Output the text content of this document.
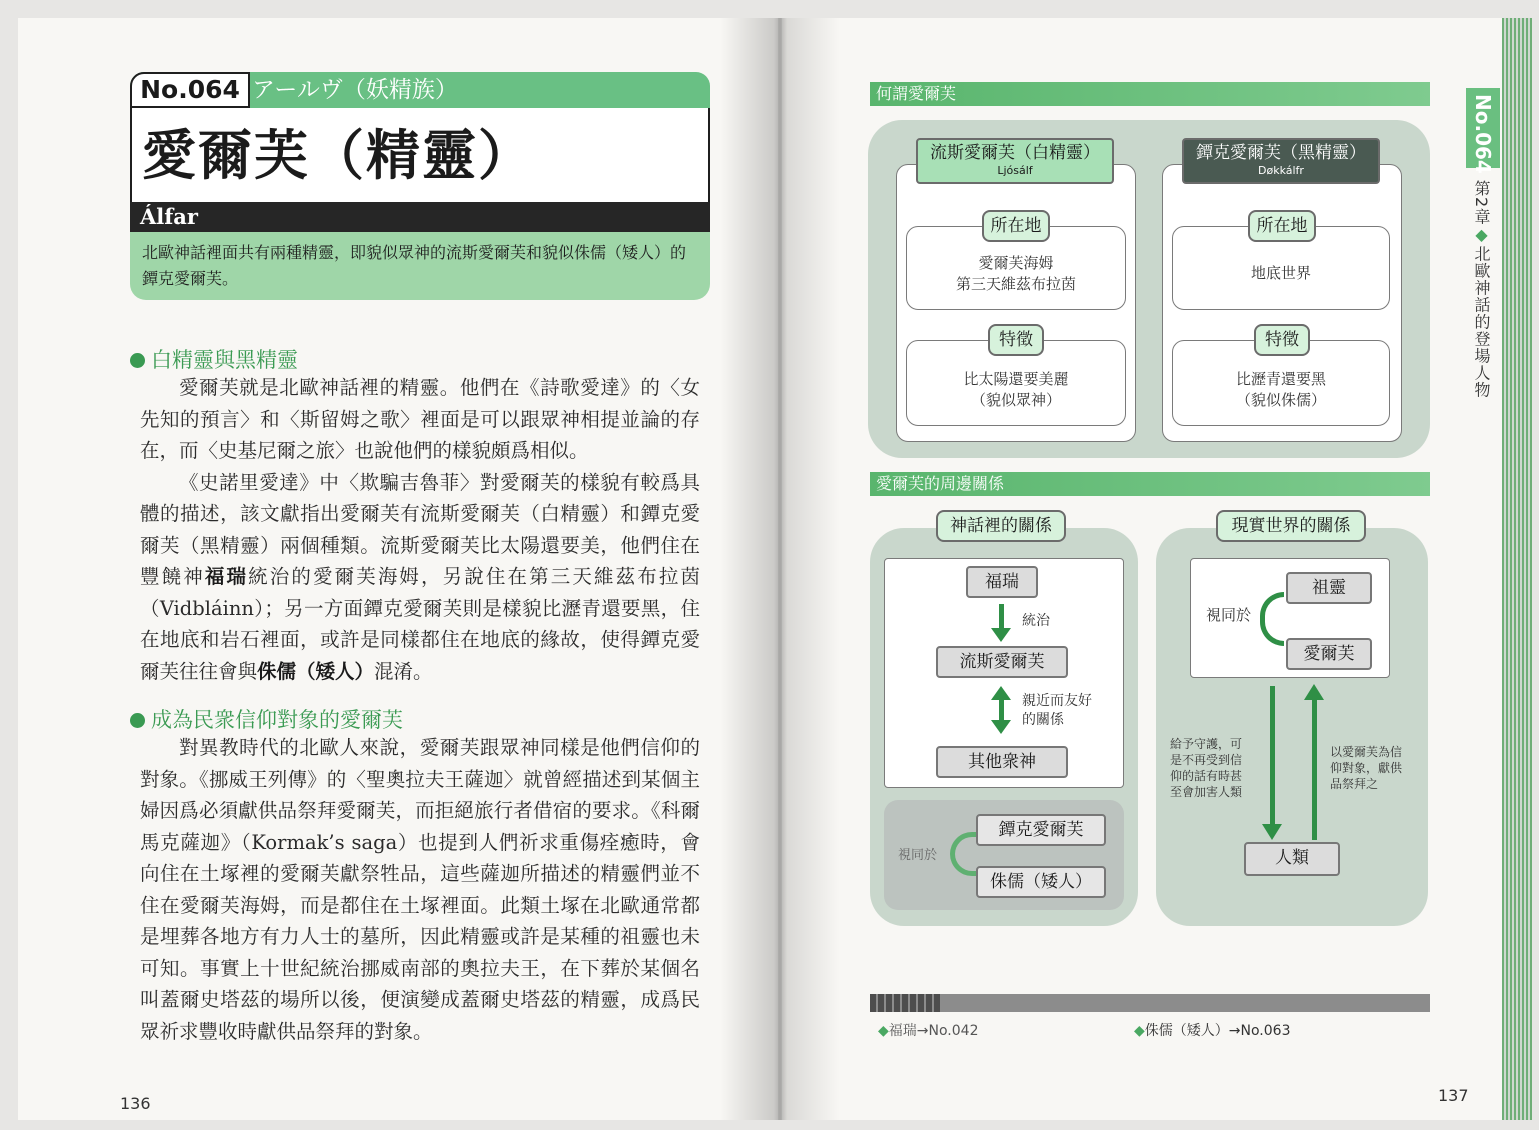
No.064 アールヴ（妖精族）
愛爾芙（精靈）
Álfar
北歐神話裡面共有兩種精靈，即貌似眾神的流斯愛爾芙和貌似侏儒（矮人）的鐔克愛爾芙。
白精靈與黑精靈

愛爾芙就是北歐神話裡的精靈。他們在《詩歌愛達》的〈女先知的預言〉和〈斯留姆之歌〉裡面是可以跟眾神相提並論的存在，而〈史基尼爾之旅〉也說他們的樣貌頗爲相似。

《史諾里愛達》中〈欺騙吉魯菲〉對愛爾芙的樣貌有較爲具體的描述，該文獻指出愛爾芙有流斯愛爾芙（白精靈）和鐔克愛爾芙（黑精靈）兩個種類。流斯愛爾芙比太陽還要美，他們住在豐饒神福瑞統治的愛爾芙海姆，另說住在第三天維茲布拉茵（Vidbláinn）；另一方面鐔克愛爾芙則是樣貌比瀝青還要黑，住在地底和岩石裡面，或許是同樣都住在地底的緣故，使得鐔克愛爾芙往往會與侏儒（矮人）混淆。

成為民衆信仰對象的愛爾芙

對異教時代的北歐人來說，愛爾芙跟眾神同樣是他們信仰的對象。《挪威王列傳》的〈聖奧拉夫王薩迦〉就曾經描述到某個主婦因爲必須獻供品祭拜愛爾芙，而拒絕旅行者借宿的要求。《科爾馬克薩迦》（Kormak’s saga）也提到人們祈求重傷痊癒時，會向住在土塚裡的愛爾芙獻祭牲品，這些薩迦所描述的精靈們並不住在愛爾芙海姆，而是都住在土塚裡面。此類土塚在北歐通常都是埋葬各地方有力人士的墓所，因此精靈或許是某種的祖靈也未可知。事實上十世紀統治挪威南部的奧拉夫王，在下葬於某個名叫蓋爾史塔茲的場所以後，便演變成蓋爾史塔茲的精靈，成爲民眾祈求豐收時獻供品祭拜的對象。

136
No.064
第2章◆北歐神話的登場人物
何謂愛爾芙
流斯愛爾芙（白精靈）
Ljósálf
愛爾芙海姆
第三天維茲布拉茵
所在地
比太陽還要美麗
（貌似眾神）
特徵
鐔克愛爾芙（黑精靈）
Døkkálfr
地底世界
所在地
比瀝青還要黑
（貌似侏儒）
特徵
愛爾芙的周邊關係
神話裡的關係
福瑞
統治
流斯愛爾芙
親近而友好
的關係
其他衆神
視同於
鐔克愛爾芙
侏儒（矮人）
現實世界的關係
祖靈
視同於
愛爾芙
給予守護，可
是不再受到信
仰的話有時甚
至會加害人類
以愛爾芙為信
仰對象，獻供
品祭拜之
人類
◆福瑞→No.042	◆侏儒（矮人）→No.063
137
